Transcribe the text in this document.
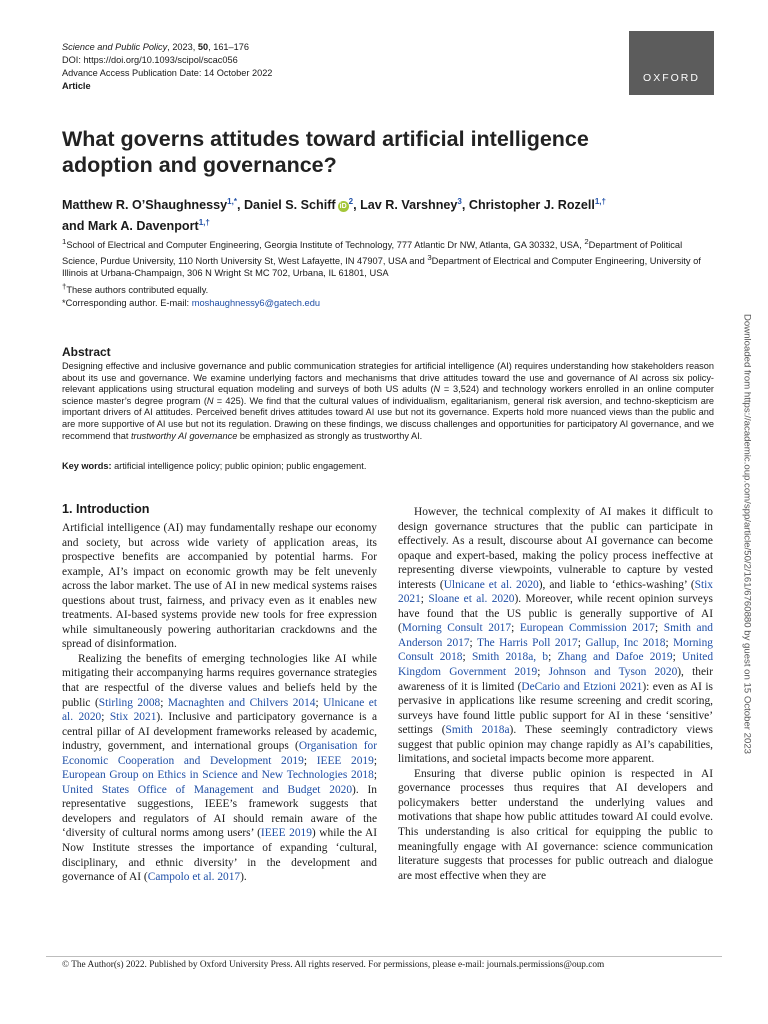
Science and Public Policy, 2023, 50, 161–176
DOI: https://doi.org/10.1093/scipol/scac056
Advance Access Publication Date: 14 October 2022
Article
OXFORD
What governs attitudes toward artificial intelligence adoption and governance?
Matthew R. O’Shaughnessy$^{1,*}$, Daniel S. Schiff $iD^2$, Lav R. Varshney$^3$, Christopher J. Rozell$^{1,\dagger}$
and Mark A. Davenport$^{1,\dagger}$

$^1$School of Electrical and Computer Engineering, Georgia Institute of Technology, 777 Atlantic Dr NW, Atlanta, GA 30332, USA, $^2$Department of Political Science, Purdue University, 110 North University St, West Lafayette, IN 47907, USA and $^3$Department of Electrical and Computer Engineering, University of Illinois at Urbana-Champaign, 306 N Wright St MC 702, Urbana, IL 61801, USA

†These authors contributed equally.
*Corresponding author. E-mail: moshaughnessy6@gatech.edu
Abstract
Designing effective and inclusive governance and public communication strategies for artificial intelligence (AI) requires understanding how stakeholders reason about its use and governance. We examine underlying factors and mechanisms that drive attitudes toward the use and governance of AI across six policy-relevant applications using structural equation modeling and surveys of both US adults (N = 3,524) and technology workers enrolled in an online computer science master’s degree program (N = 425). We find that the cultural values of individualism, egalitarianism, general risk aversion, and techno-skepticism are important drivers of AI attitudes. Perceived benefit drives attitudes toward AI use but not its governance. Experts hold more nuanced views than the public and are more supportive of AI use but not its regulation. Drawing on these findings, we discuss challenges and opportunities for participatory AI governance, and we recommend that trustworthy AI governance be emphasized as strongly as trustworthy AI.
Key words: artificial intelligence policy; public opinion; public engagement.
1. Introduction

Artificial intelligence (AI) may fundamentally reshape our economy and society, but across wide variety of application areas, its prospective benefits are accompanied by potential harms. For example, AI’s impact on economic growth may be felt unevenly across the labor market. The use of AI in new medical systems raises questions about trust, fairness, and privacy even as it enables new treatments. AI-based systems provide new tools for free expression while simultaneously powering authoritarian crackdowns and the spread of disinformation.

Realizing the benefits of emerging technologies like AI while mitigating their accompanying harms requires governance strategies that are respectful of the diverse values and beliefs held by the public (Stirling 2008; Macnaghten and Chilvers 2014; Ulnicane et al. 2020; Stix 2021). Inclusive and participatory governance is a central pillar of AI development frameworks released by academic, industry, government, and international groups (Organisation for Economic Cooperation and Development 2019; IEEE 2019; European Group on Ethics in Science and New Technologies 2018; United States Office of Management and Budget 2020). In representative suggestions, IEEE’s framework suggests that developers and regulators of AI should remain aware of the ‘diversity of cultural norms among users’ (IEEE 2019) while the AI Now Institute stresses the importance of expanding ‘cultural, disciplinary, and ethnic diversity’ in the development and governance of AI (Campolo et al. 2017).

However, the technical complexity of AI makes it difficult to design governance structures that the public can participate in effectively. As a result, discourse about AI governance can become opaque and expert-based, making the policy process ineffective at representing diverse viewpoints, vulnerable to capture by vested interests (Ulnicane et al. 2020), and liable to ‘ethics-washing’ (Stix 2021; Sloane et al. 2020). Moreover, while recent opinion surveys have found that the US public is generally supportive of AI (Morning Consult 2017; European Commission 2017; Smith and Anderson 2017; The Harris Poll 2017; Gallup, Inc 2018; Morning Consult 2018; Smith 2018a, b; Zhang and Dafoe 2019; United Kingdom Government 2019; Johnson and Tyson 2020), their awareness of it is limited (DeCario and Etzioni 2021): even as AI is pervasive in applications like resume screening and credit scoring, surveys have found little public support for AI in these ‘sensitive’ settings (Smith 2018a). These seemingly contradictory views suggest that public opinion may change rapidly as AI’s capabilities, limitations, and societal impacts become more apparent.

Ensuring that diverse public opinion is respected in AI governance processes thus requires that AI developers and policymakers better understand the underlying values and motivations that shape how public attitudes toward AI could evolve. This understanding is also critical for equipping the public to meaningfully engage with AI governance: science communication literature suggests that processes for public outreach and dialogue are most effective when they are

© The Author(s) 2022. Published by Oxford University Press. All rights reserved. For permissions, please e-mail: journals.permissions@oup.com
Downloaded from https://academic.oup.com/spp/article/50/2/161/6760880 by guest on 15 October 2023
